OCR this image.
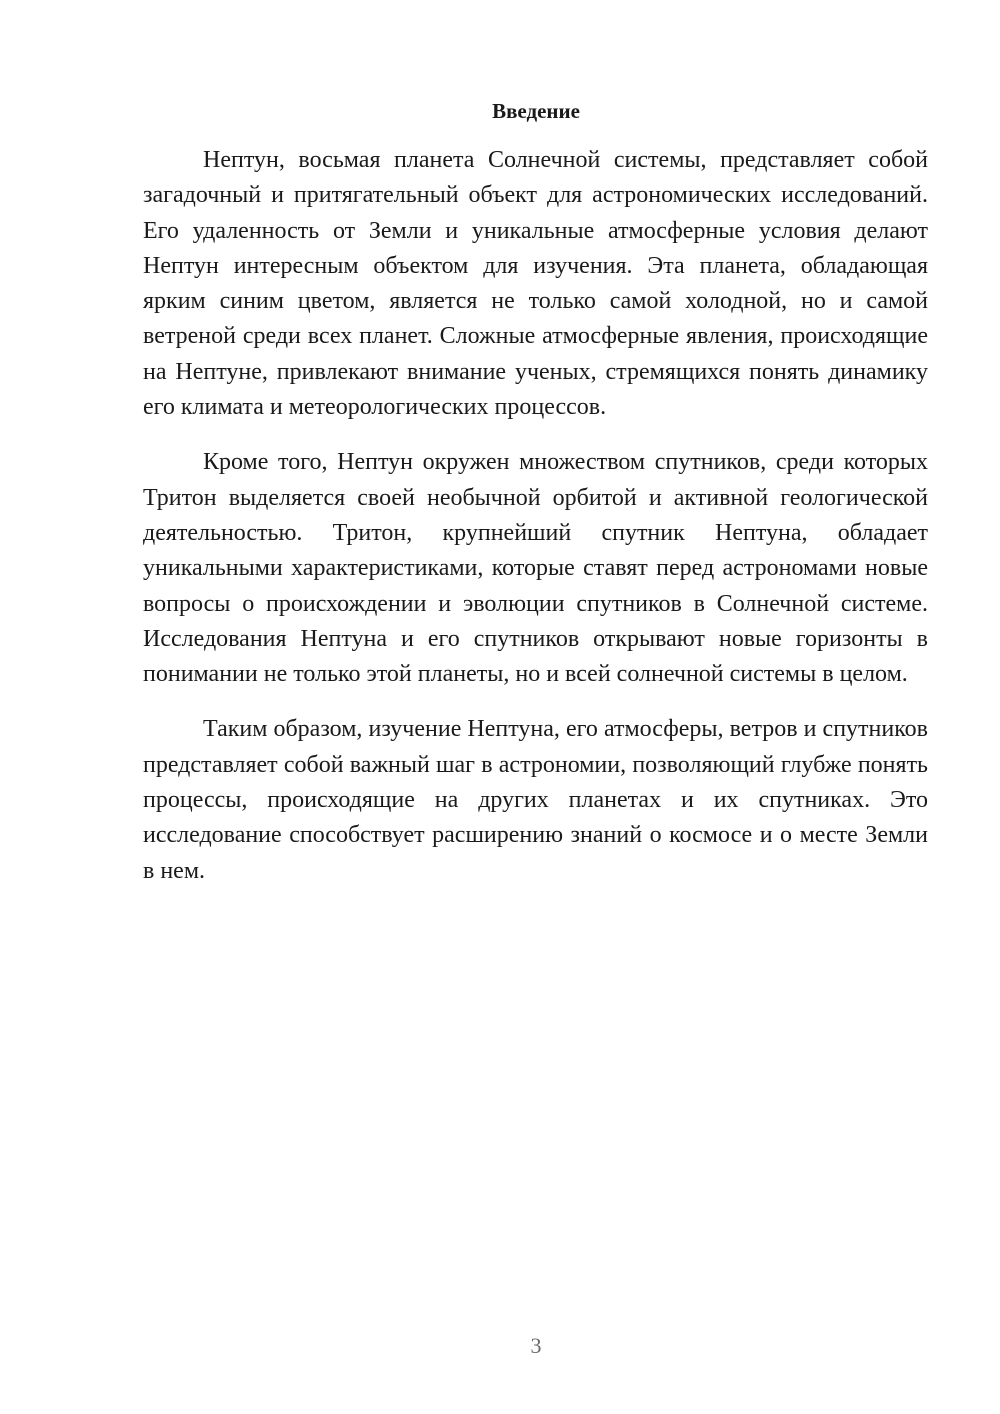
Введение

Нептун, восьмая планета Солнечной системы, представляет собой загадочный и притягательный объект для астрономических исследований. Его удаленность от Земли и уникальные атмосферные условия делают Нептун интересным объектом для изучения. Эта планета, обладающая ярким синим цветом, является не только самой холодной, но и самой ветреной среди всех планет. Сложные атмосферные явления, происходящие на Нептуне, привлекают внимание ученых, стремящихся понять динамику его климата и метеорологических процессов.

Кроме того, Нептун окружен множеством спутников, среди которых Тритон выделяется своей необычной орбитой и активной геологической деятельностью. Тритон, крупнейший спутник Нептуна, обладает уникальными характеристиками, которые ставят перед астрономами новые вопросы о происхождении и эволюции спутников в Солнечной системе. Исследования Нептуна и его спутников открывают новые горизонты в понимании не только этой планеты, но и всей солнечной системы в целом.

Таким образом, изучение Нептуна, его атмосферы, ветров и спутников представляет собой важный шаг в астрономии, позволяющий глубже понять процессы, происходящие на других планетах и их спутниках. Это исследование способствует расширению знаний о космосе и о месте Земли в нем.

3
